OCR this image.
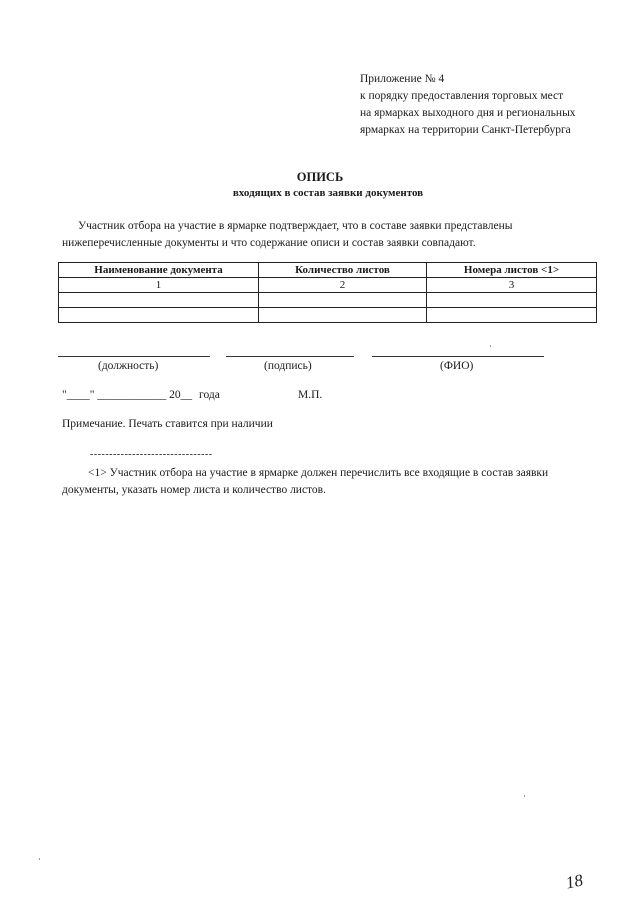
Приложение № 4
к порядку предоставления торговых мест
на ярмарках выходного дня и региональных
ярмарках на территории Санкт-Петербурга
ОПИСЬ
входящих в состав заявки документов
Участник отбора на участие в ярмарке подтверждает, что в составе заявки представлены
нижеперечисленные документы и что содержание описи и состав заявки совпадают.
Наименование документа	Количество листов	Номера листов <1>
1	2	3

(должность)	(подпись)	(ФИО)
"____" ____________ 20__ года	М.П.
Примечание. Печать ставится при наличии
--------------------------------
<1> Участник отбора на участие в ярмарке должен перечислить все входящие в состав заявки
документы, указать номер листа и количество листов.
18
